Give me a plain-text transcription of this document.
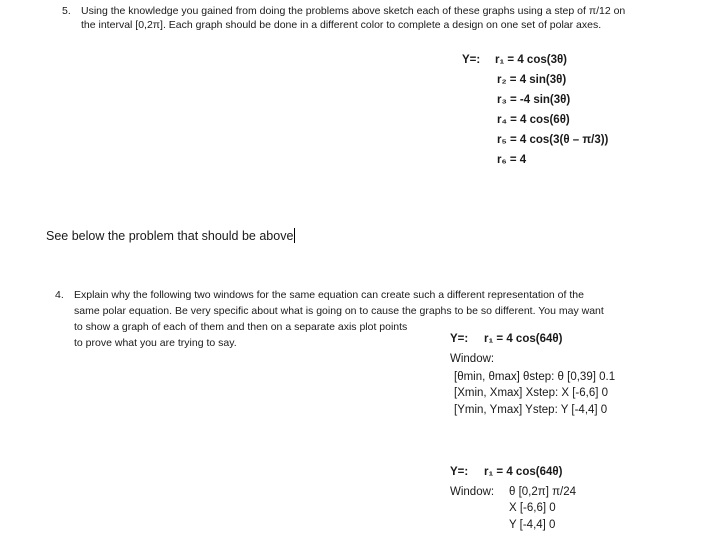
5. Using the knowledge you gained from doing the problems above sketch each of these graphs using a step of π/12 on
the interval [0,2π]. Each graph should be done in a different color to complete a design on one set of polar axes.
Y=: r₁ = 4 cos(3θ)
r₂ = 4 sin(3θ)
r₃ = -4 sin(3θ)
r₄ = 4 cos(6θ)
r₅ = 4 cos(3(θ – π/3))
r₆ = 4
See below the problem that should be above
4. Explain why the following two windows for the same equation can create such a different representation of the
same polar equation. Be very specific about what is going on to cause the graphs to be so different. You may want
to show a graph of each of them and then on a separate axis plot points
to prove what you are trying to say.	Y=: r₁ = 4 cos(64θ)
Window:
[θmin, θmax] θstep: θ [0,39] 0.1
[Xmin, Xmax] Xstep: X [-6,6] 0
[Ymin, Ymax] Ystep: Y [-4,4] 0
Y=: r₁ = 4 cos(64θ)
Window: θ [0,2π] π/24
X [-6,6] 0
Y [-4,4] 0
